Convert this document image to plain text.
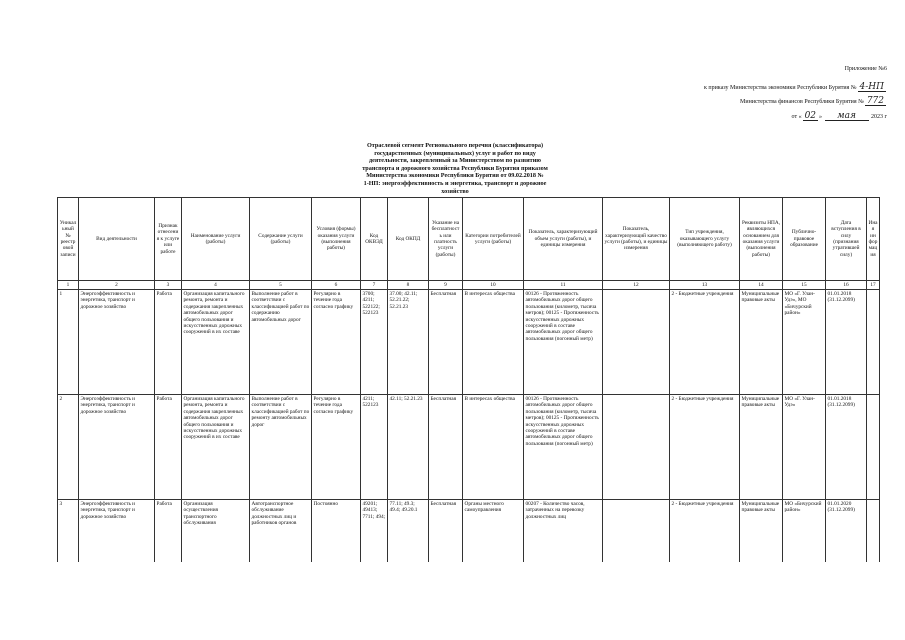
Приложение №6
к приказу Министерства экономики Республики Бурятия № 4-НП
Министерства финансов Республики Бурятия № 772
от « 02 » мая	2023 г
Отраслевой сегмент Регионального перечня (классификатора)
государственных (муниципальных) услуг и работ по виду
деятельности, закрепленный за Министерством по развитию
транспорта и дорожного хозяйства Республики Бурятия приказом
Министерства экономики Республики Бурятия от 09.02.2018 №
1-НП: энергоэффективность и энергетика, транспорт и дорожное
хозяйство
Уникальный № реестровой записи	Вид деятельности	Признак отнесения к услуге или работе	Наименование услуги (работы)	Содержание услуги (работы)	Условия (формы) оказания услуги (выполнения работы)	Код ОКВЭД	Код ОКПД	Указание на бесплатность или платность услуги (работы)	Категории потребителей услуги (работы)	Показатель, характеризующий объем услуги (работы), и единицы измерения	Показатель, характеризующий качество услуги (работы), и единицы измерения	Тип учреждения, оказывающего услугу (выполняющего работу)	Реквизиты НПА, являющихся основанием для оказания услуги (выполнения работы)	Публично-правовое образование	Дата вступления в силу (признания утратившей силу)	Иная информация
1	2	3	4	5	6	7	8	9	10	11	12	13	14	15	16	17
1	Энергоэффективность и энергетика, транспорт и дорожное хозяйство	Работа	Организация капитального ремонта, ремонта и содержания закрепленных автомобильных дорог общего пользования и искусственных дорожных сооружений в их составе	Выполнение работ в соответствии с классификацией работ по содержанию автомобильных дорог	Регулярно в течение года согласно графику	3700; 4211; 522122; 522123	37.00; 42.11; 52.21.22; 52.21.23	Бесплатная	В интересах общества	00126 - Протяженность автомобильных дорог общего пользования (километр, тысяча метров); 00125 - Протяженность искусственных дорожных сооружений в составе автомобильных дорог общего пользования (погонный метр)		2 - Бюджетные учреждения	Муниципальные правовые акты	МО «Г. Улан-Удэ», МО «Бичурский район»	01.01.2018 (31.12.2099)	
2	Энергоэффективность и энергетика, транспорт и дорожное хозяйство	Работа	Организация капитального ремонта, ремонта и содержания закрепленных автомобильных дорог общего пользования и искусственных дорожных сооружений в их составе	Выполнение работ в соответствии с классификацией работ по ремонту автомобильных дорог	Регулярно в течение года согласно графику	4211; 522123	42.11; 52.21.23	Бесплатная	В интересах общества	00126 - Протяженность автомобильных дорог общего пользования (километр, тысяча метров); 00125 - Протяженность искусственных дорожных сооружений в составе автомобильных дорог общего пользования (погонный метр)		2 - Бюджетные учреждения	Муниципальные правовые акты	МО «Г. Улан-Удэ»	01.01.2018 (31.12.2099)	
3	Энергоэффективность и энергетика, транспорт и дорожное хозяйство	Работа	Организация осуществления транспортного обслуживания	Автотранспортное обслуживание должностных лиц и работников органов	Постоянно	49201; 49413; 7711; 494;	77.11; 49.3; 49.4; 49.20.1	Бесплатная	Органы местного самоуправления	00207 - Количество часов, затраченных на перевозку должностных лиц		2 - Бюджетные учреждения	Муниципальные правовые акты	МО «Бичурский район»	01.01.2020 (31.12.2099)	
